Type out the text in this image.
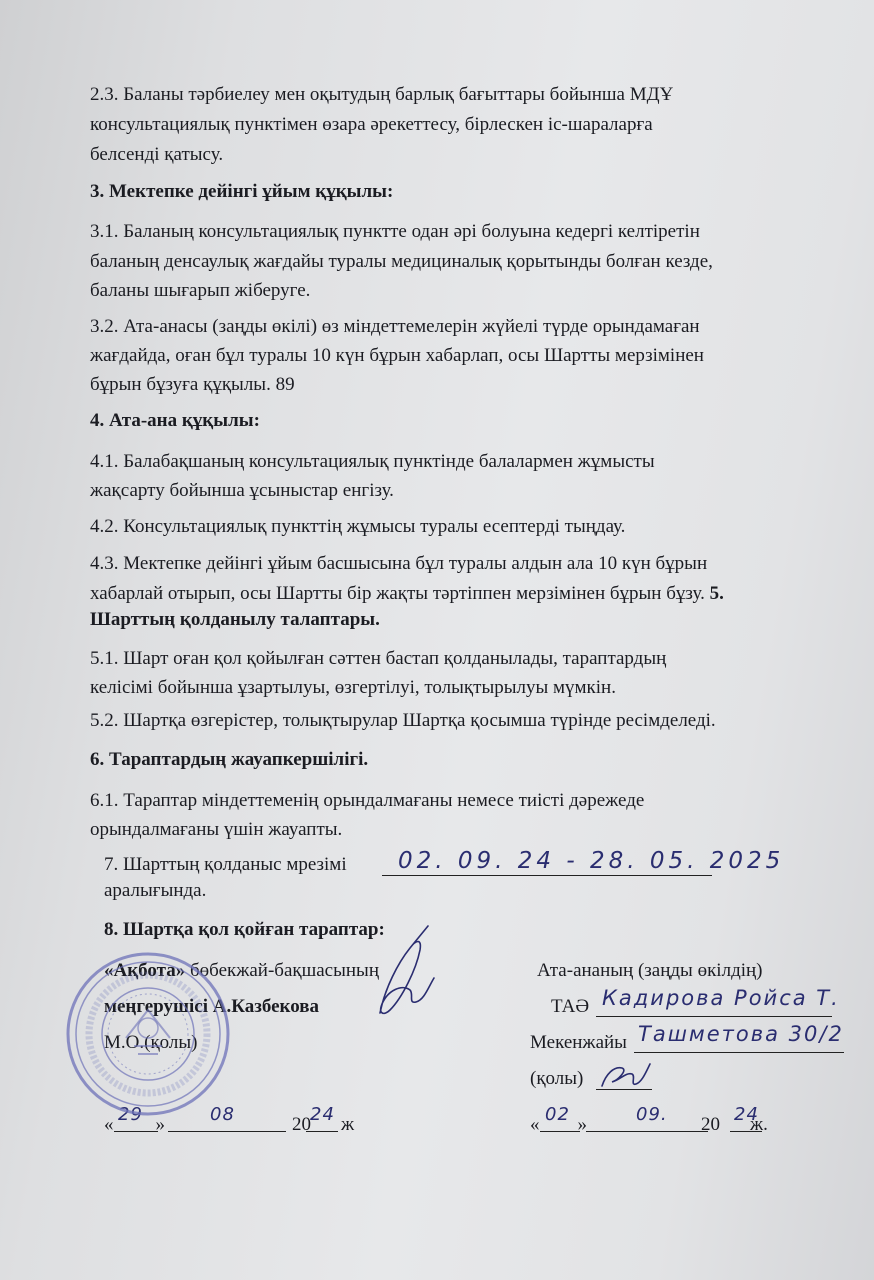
2.3. Баланы тәрбиелеу мен оқытудың барлық бағыттары бойынша МДҰ
консультациялық пунктімен өзара әрекеттесу, бірлескен іс-шараларға
белсенді қатысу.
3. Мектепке дейінгі ұйым құқылы:
3.1. Баланың консультациялық пунктте одан әрі болуына кедергі келтіретін
баланың денсаулық жағдайы туралы медициналық қорытынды болған кезде,
баланы шығарып жіберуге.
3.2. Ата-анасы (заңды өкілі) өз міндеттемелерін жүйелі түрде орындамаған
жағдайда, оған бұл туралы 10 күн бұрын хабарлап, осы Шартты мерзімінен
бұрын бұзуға құқылы. 89
4. Ата-ана құқылы:
4.1. Балабақшаның консультациялық пунктінде балалармен жұмысты
жақсарту бойынша ұсыныстар енгізу.
4.2. Консультациялық пункттің жұмысы туралы есептерді тыңдау.
4.3. Мектепке дейінгі ұйым басшысына бұл туралы алдын ала 10 күн бұрын
хабарлай отырып, осы Шартты бір жақты тәртіппен мерзімінен бұрын бұзу. 5.
Шарттың қолданылу талаптары.
5.1. Шарт оған қол қойылған сәттен бастап қолданылады, тараптардың
келісімі бойынша ұзартылуы, өзгертілуі, толықтырылуы мүмкін.
5.2. Шартқа өзгерістер, толықтырулар Шартқа қосымша түрінде ресімделеді.
6. Тараптардың жауапкершілігі.
6.1. Тараптар міндеттеменің орындалмағаны немесе тиісті дәрежеде
орындалмағаны үшін жауапты.
7. Шарттың қолданыс мрезімі 02. 09. 24 - 28. 05. 2025
аралығында.
8. Шартқа қол қойған тараптар:
«Ақбота» бөбекжай-бақшасының
меңгерушісі А.Казбекова
М.О.(қолы)
« »	20 ж
29	08	24
Ата-ананың (заңды өкілдің)
ТАӘ Кадирова Ройса Т.
Мекенжайы Ташметова 30/2
(қолы)
« »	20 ж.
02	09.	24
